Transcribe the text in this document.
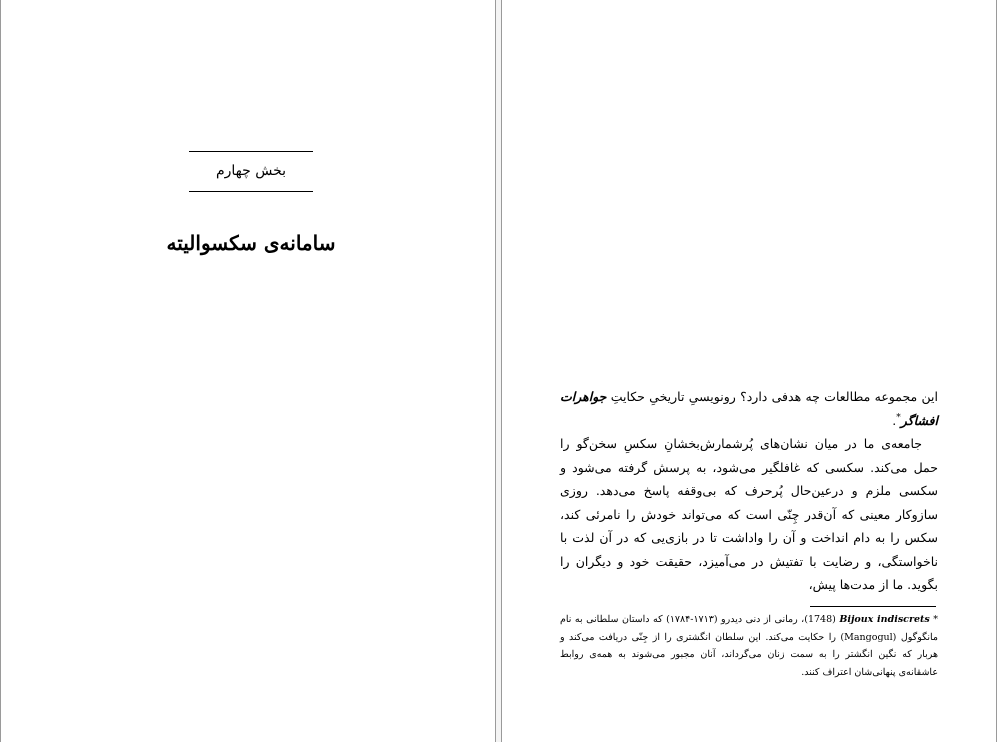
بخش چهارم
سامانه‌ی سکسوالیته

این مجموعه مطالعات چه هدفی دارد؟ رونویسیِ تاریخیِ حکایتِ جواهرات افشاگر*.

جامعه‌ی ما در میان نشان‌های پُرشمارش‌بخشانِ سکسِ سخن‌گو را حمل می‌کند. سکسی که غافلگیر می‌شود، به پرسش گرفته می‌شود و سکسی ملزم و درعین‌حال پُرحرف که بی‌وقفه پاسخ می‌دهد. روزی سازوکار معینی که آن‌قدر چِنّی است که می‌تواند خودش را نامرئی کند، سکس را به دام انداخت و آن را واداشت تا در بازی‌یی که در آن لذت با ناخواستگی، و رضایت با تفتیش در می‌آمیزد، حقیقت خود و دیگران را بگوید. ما از مدت‌ها پیش،

* (1748) Bijoux indiscrets، رمانی از دنی دیدرو (۱۷۱۳-۱۷۸۴) که داستان سلطانی به نام مانگوگول (Mangogul) را حکایت می‌کند. این سلطان انگشتری را از جِنّی دریافت می‌کند و هربار که نگین انگشتر را به سمت زنان می‌گرداند، آنان مجبور می‌شوند به همه‌ی روابط عاشقانه‌ی پنهانی‌شان اعتراف کنند.
